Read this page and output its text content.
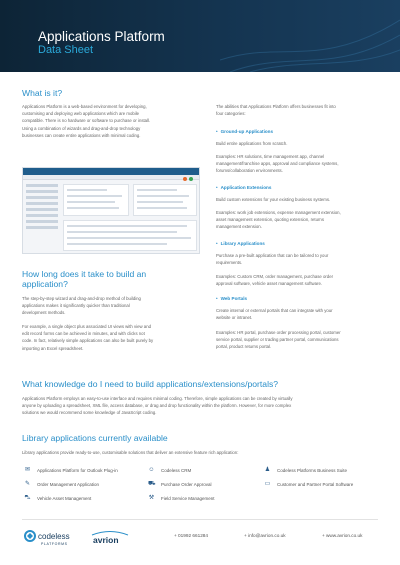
Applications Platform
Data Sheet
What is it?
Applications Platform is a web-based environment for developing,
customising and deploying web applications which are mobile
compatible. There is no hardware or software to purchase or install.
Using a combination of wizards and drag-and-drop technology
businesses can create entire applications with minimal coding.
How long does it take to build an
application?
The step-by-step wizard and drag-and-drop method of building
applications makes it significantly quicker than traditional
development methods.
For example, a single object plus associated UI views with view and
edit record forms can be achieved in minutes, and with clicks not
code. In fact, relatively simple applications can also be built purely by
importing an Excel spreadsheet.
The abilities that Applications Platform offers businesses fit into
four categories:
• Ground-up Applications
Build entire applications from scratch.
Examples: HR solutions, time management app, channel
management/franchise apps, approval and compliance systems,
forums/collaboration environments.
• Application Extensions
Build custom extensions for your existing business systems.
Examples: work job extensions, expense management extension,
asset management extension, quoting extension, returns
management extension.
• Library Applications
Purchase a pre-built application that can be tailored to your
requirements.
Examples: Custom CRM, order management, purchase order
approval software, vehicle asset management software.
• Web Portals
Create internal or external portals that can integrate with your
website or intranet.
Examples: HR portal, purchase order processing portal, customer
service portal, supplier or trading partner portal, communications
portal, product returns portal.
What knowledge do I need to build applications/extensions/portals?
Applications Platform employs an easy-to-use interface and requires minimal coding. Therefore, simple applications can be created by virtually
anyone by uploading a spreadsheet, XML file, access database, or drag and drop functionality within the platform. However, for more complex
solutions we would recommend some knowledge of JavaScript coding.
Library applications currently available
Library applications provide ready-to-use, customisable solutions that deliver an extensive feature rich application:
✉ Applications Platform for Outlook Plug-in	☺ Codeless CRM	♟ Codeless Platforms Business Suite
✎ Order Management Application	⛟ Purchase Order Approval	▭ Customer and Partner Portal Software
⛍ Vehicle Asset Management	⚒ Field Service Management
codeless
PLATFORMS	avrion	+ 01992 661284	+ info@avrion.co.uk	+ www.avrion.co.uk
